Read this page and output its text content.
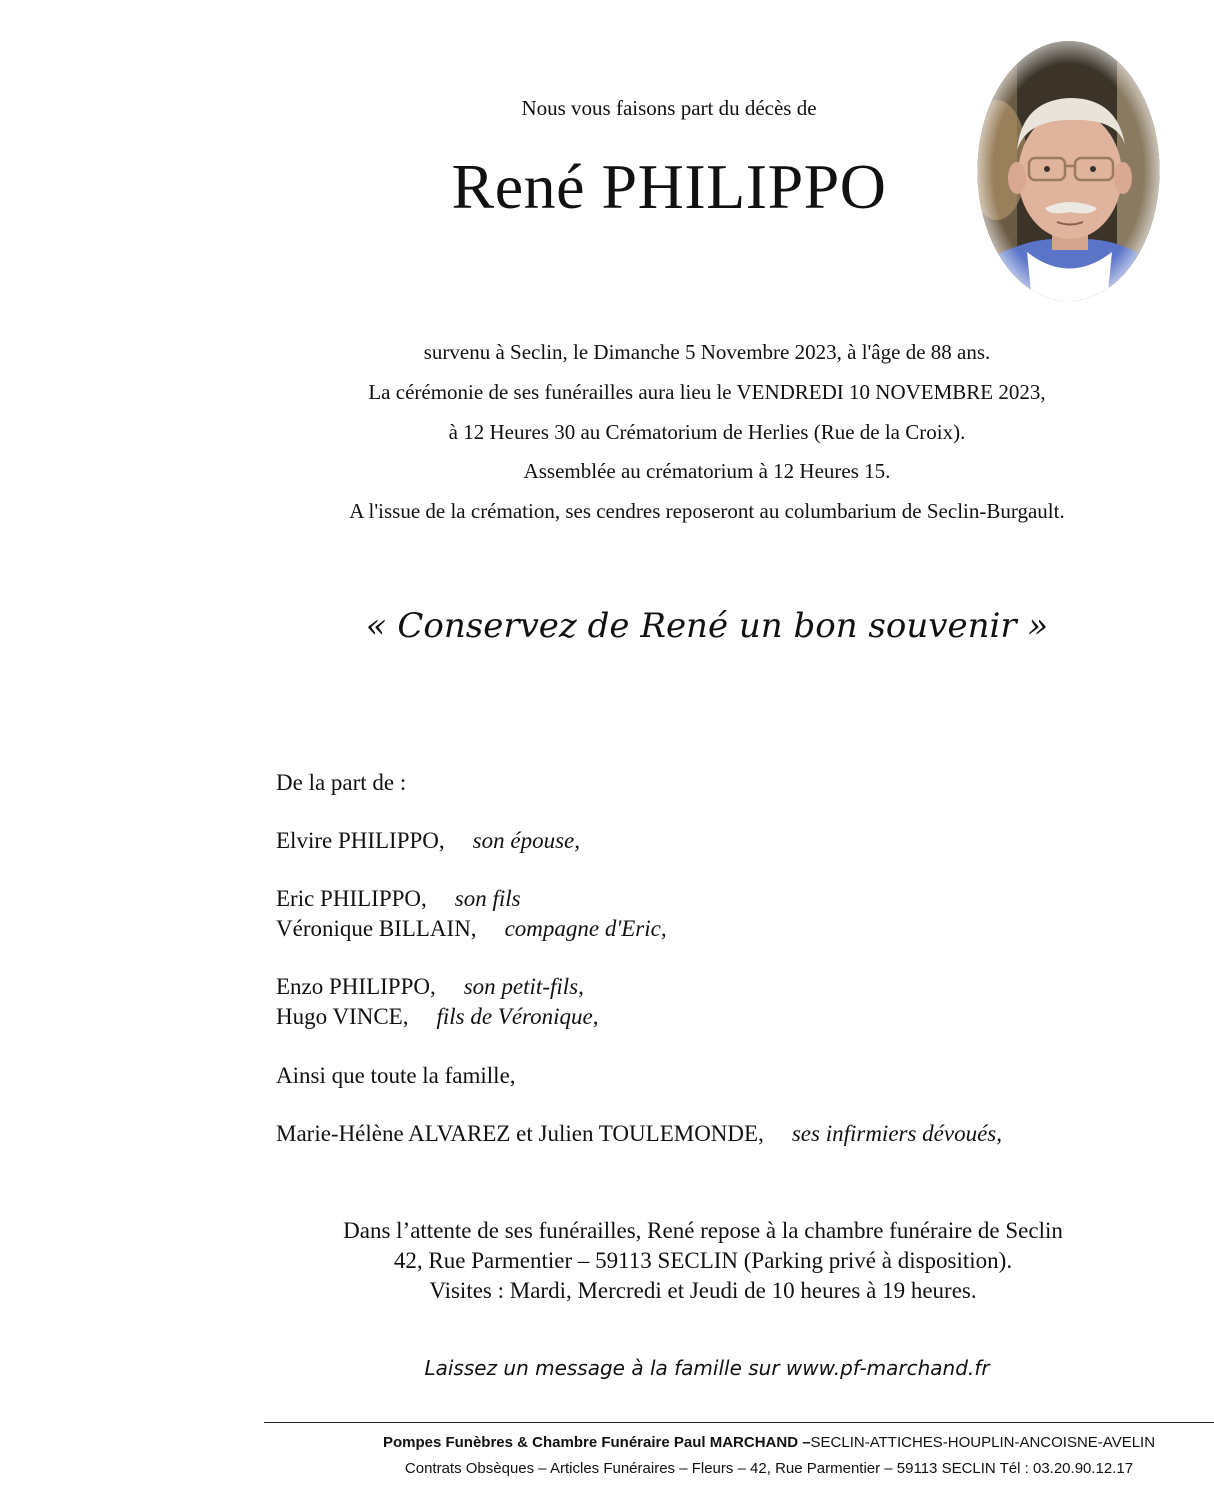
Nous vous faisons part du décès de
René PHILIPPO
survenu à Seclin, le Dimanche 5 Novembre 2023, à l'âge de 88 ans.
La cérémonie de ses funérailles aura lieu le VENDREDI 10 NOVEMBRE 2023,
à 12 Heures 30 au Crématorium de Herlies (Rue de la Croix).
Assemblée au crématorium à 12 Heures 15.
A l'issue de la crémation, ses cendres reposeront au columbarium de Seclin-Burgault.
« Conservez de René un bon souvenir »
De la part de :
Elvire PHILIPPO, son épouse,
Eric PHILIPPO, son fils
Véronique BILLAIN, compagne d'Eric,
Enzo PHILIPPO, son petit-fils,
Hugo VINCE, fils de Véronique,
Ainsi que toute la famille,
Marie-Hélène ALVAREZ et Julien TOULEMONDE, ses infirmiers dévoués,
Dans l’attente de ses funérailles, René repose à la chambre funéraire de Seclin
42, Rue Parmentier – 59113 SECLIN (Parking privé à disposition).
Visites : Mardi, Mercredi et Jeudi de 10 heures à 19 heures.
Laissez un message à la famille sur www.pf-marchand.fr
Pompes Funèbres & Chambre Funéraire Paul MARCHAND –SECLIN-ATTICHES-HOUPLIN-ANCOISNE-AVELIN
Contrats Obsèques – Articles Funéraires – Fleurs – 42, Rue Parmentier – 59113 SECLIN Tél : 03.20.90.12.17
